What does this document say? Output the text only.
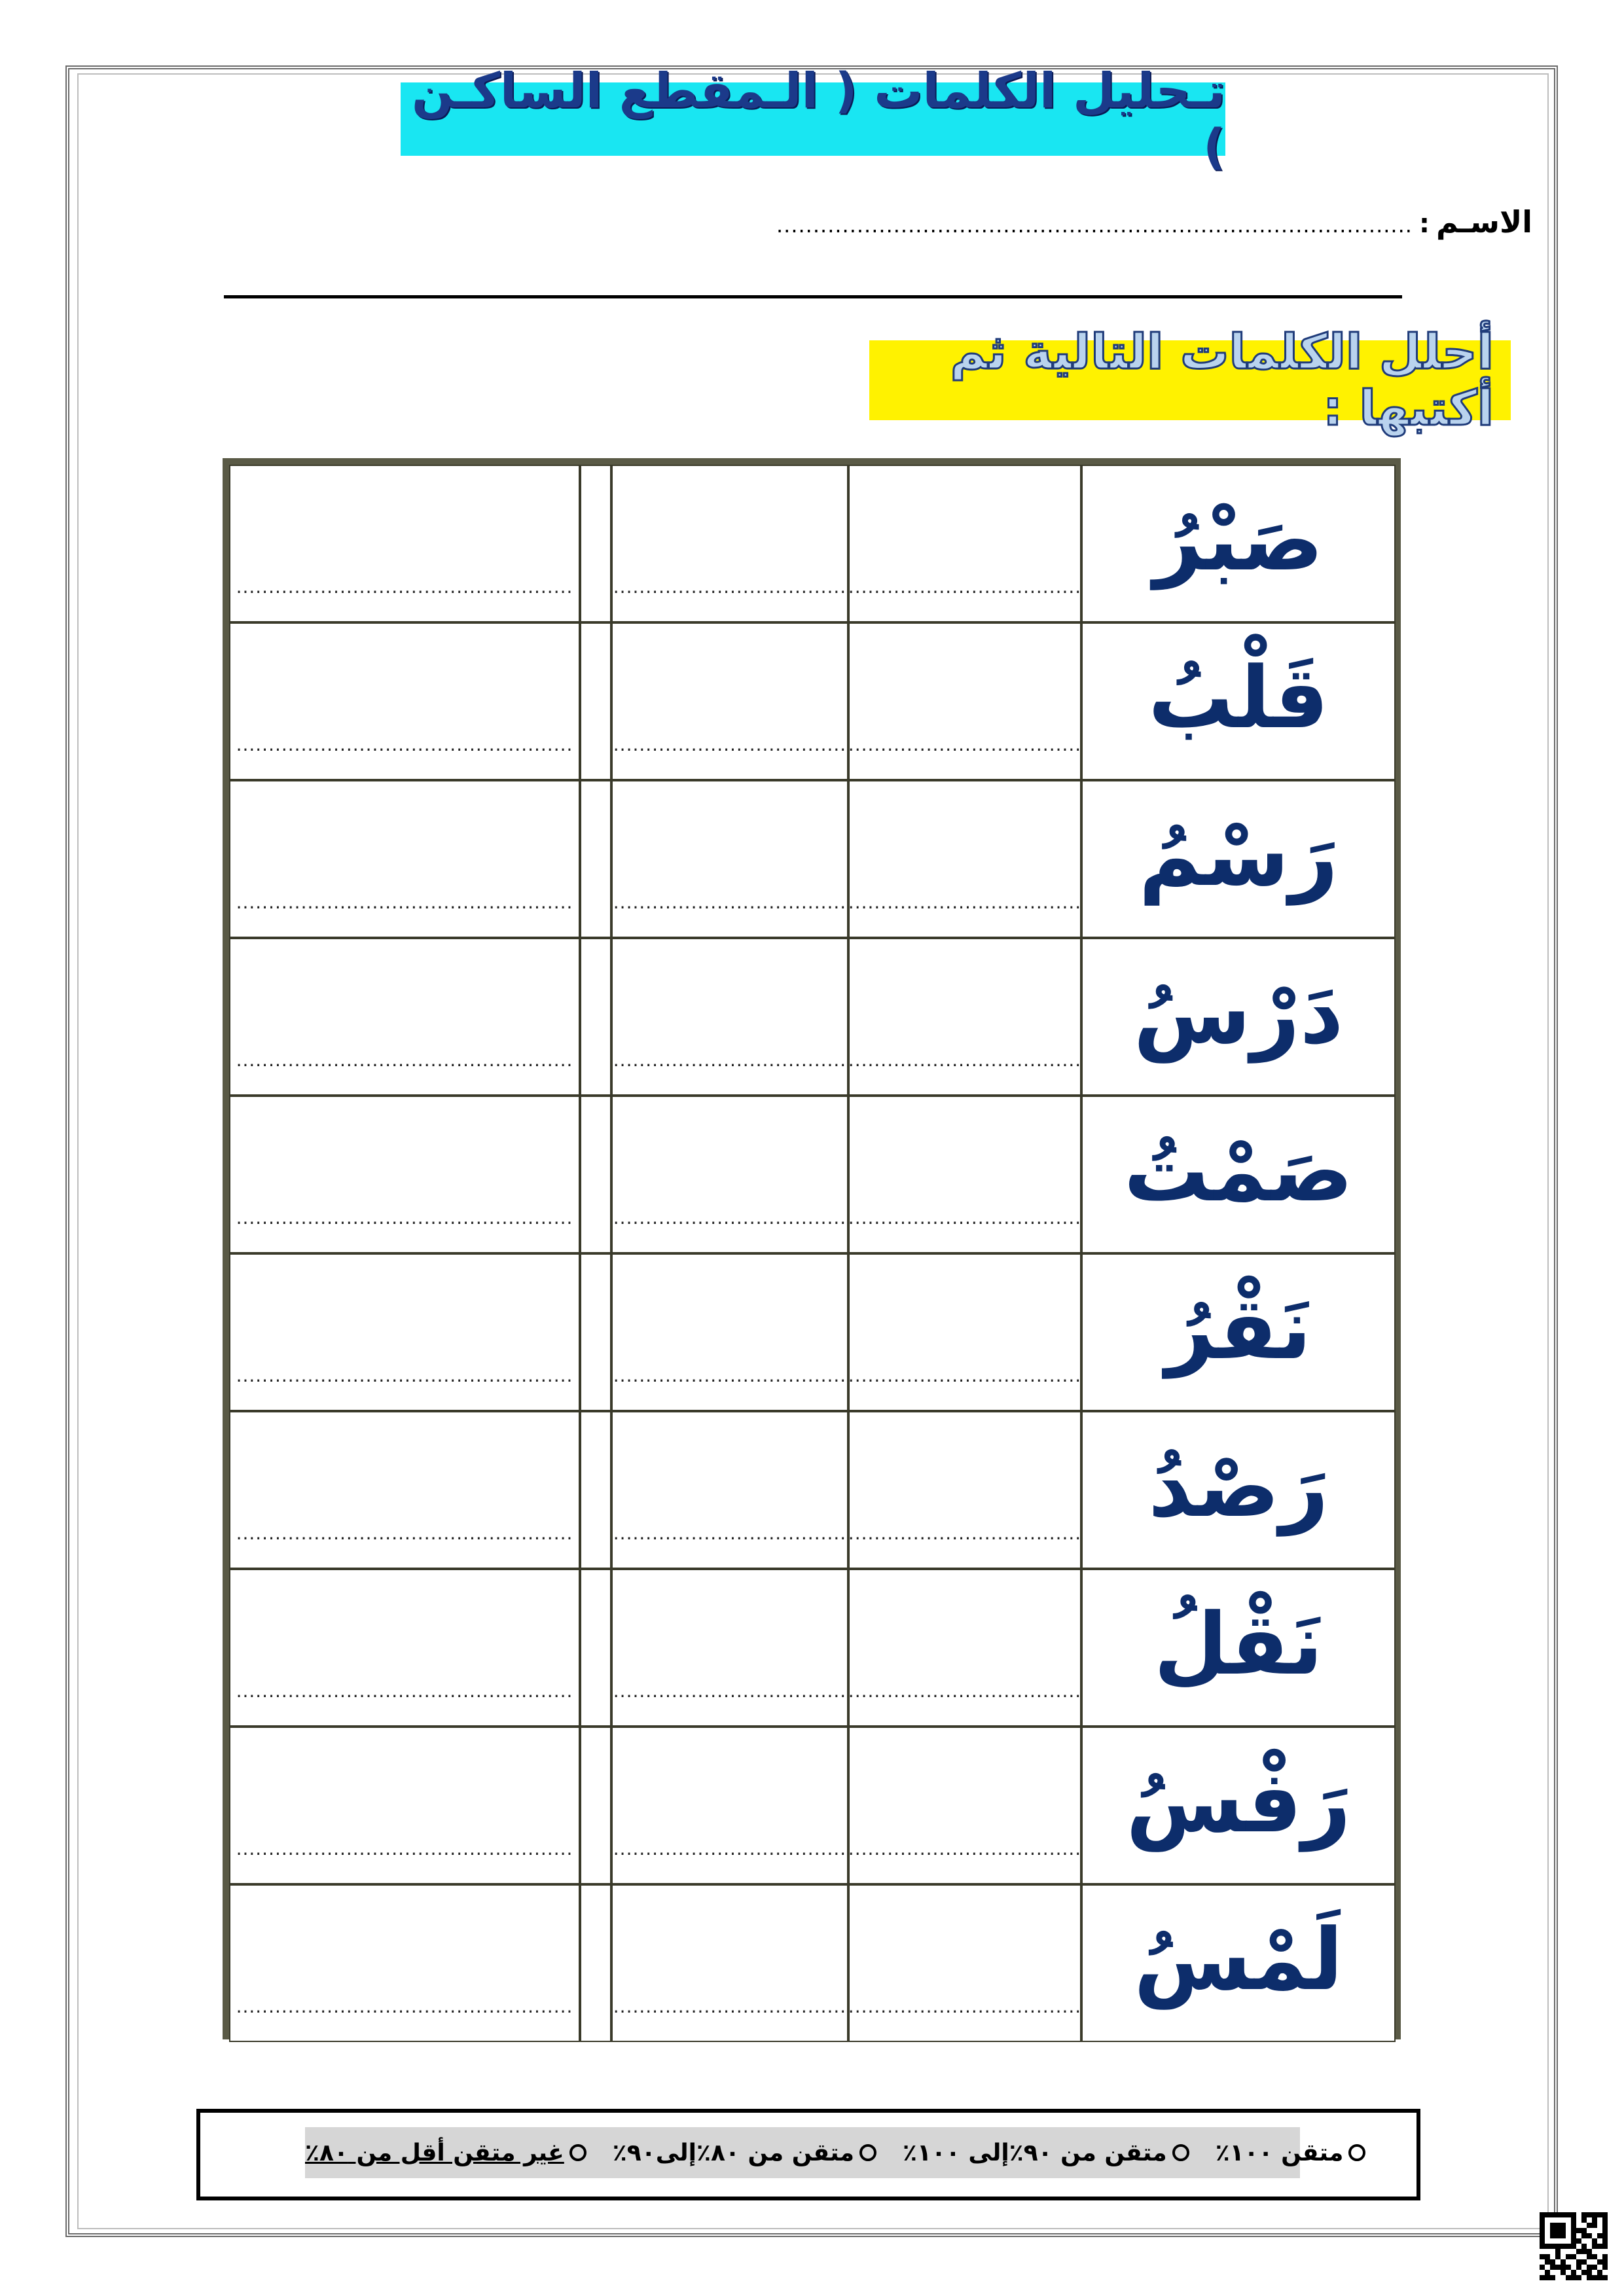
تـحليل الكلمات ( الـمقطع الساكـن )
الاسـم
:
.......................................................................................
أحلل الكلمات التالية ثم أكتبها :
.................................................... .................................... .................................... صَبْرُ
.................................................... .................................... .................................... قَلْبُ
.................................................... .................................... .................................... رَسْمُ
.................................................... .................................... .................................... دَرْسُ
.................................................... .................................... .................................... صَمْتُ
.................................................... .................................... .................................... نَقْرُ
.................................................... .................................... .................................... رَصْدُ
.................................................... .................................... .................................... نَقْلُ
.................................................... .................................... .................................... رَفْسُ
.................................................... .................................... .................................... لَمْسُ
متقن ١٠٠٪
متقن من ٩٠٪إلى ١٠٠٪
متقن من ٨٠٪إلى٩٠٪
غير متقن أقل من ٨٠٪
